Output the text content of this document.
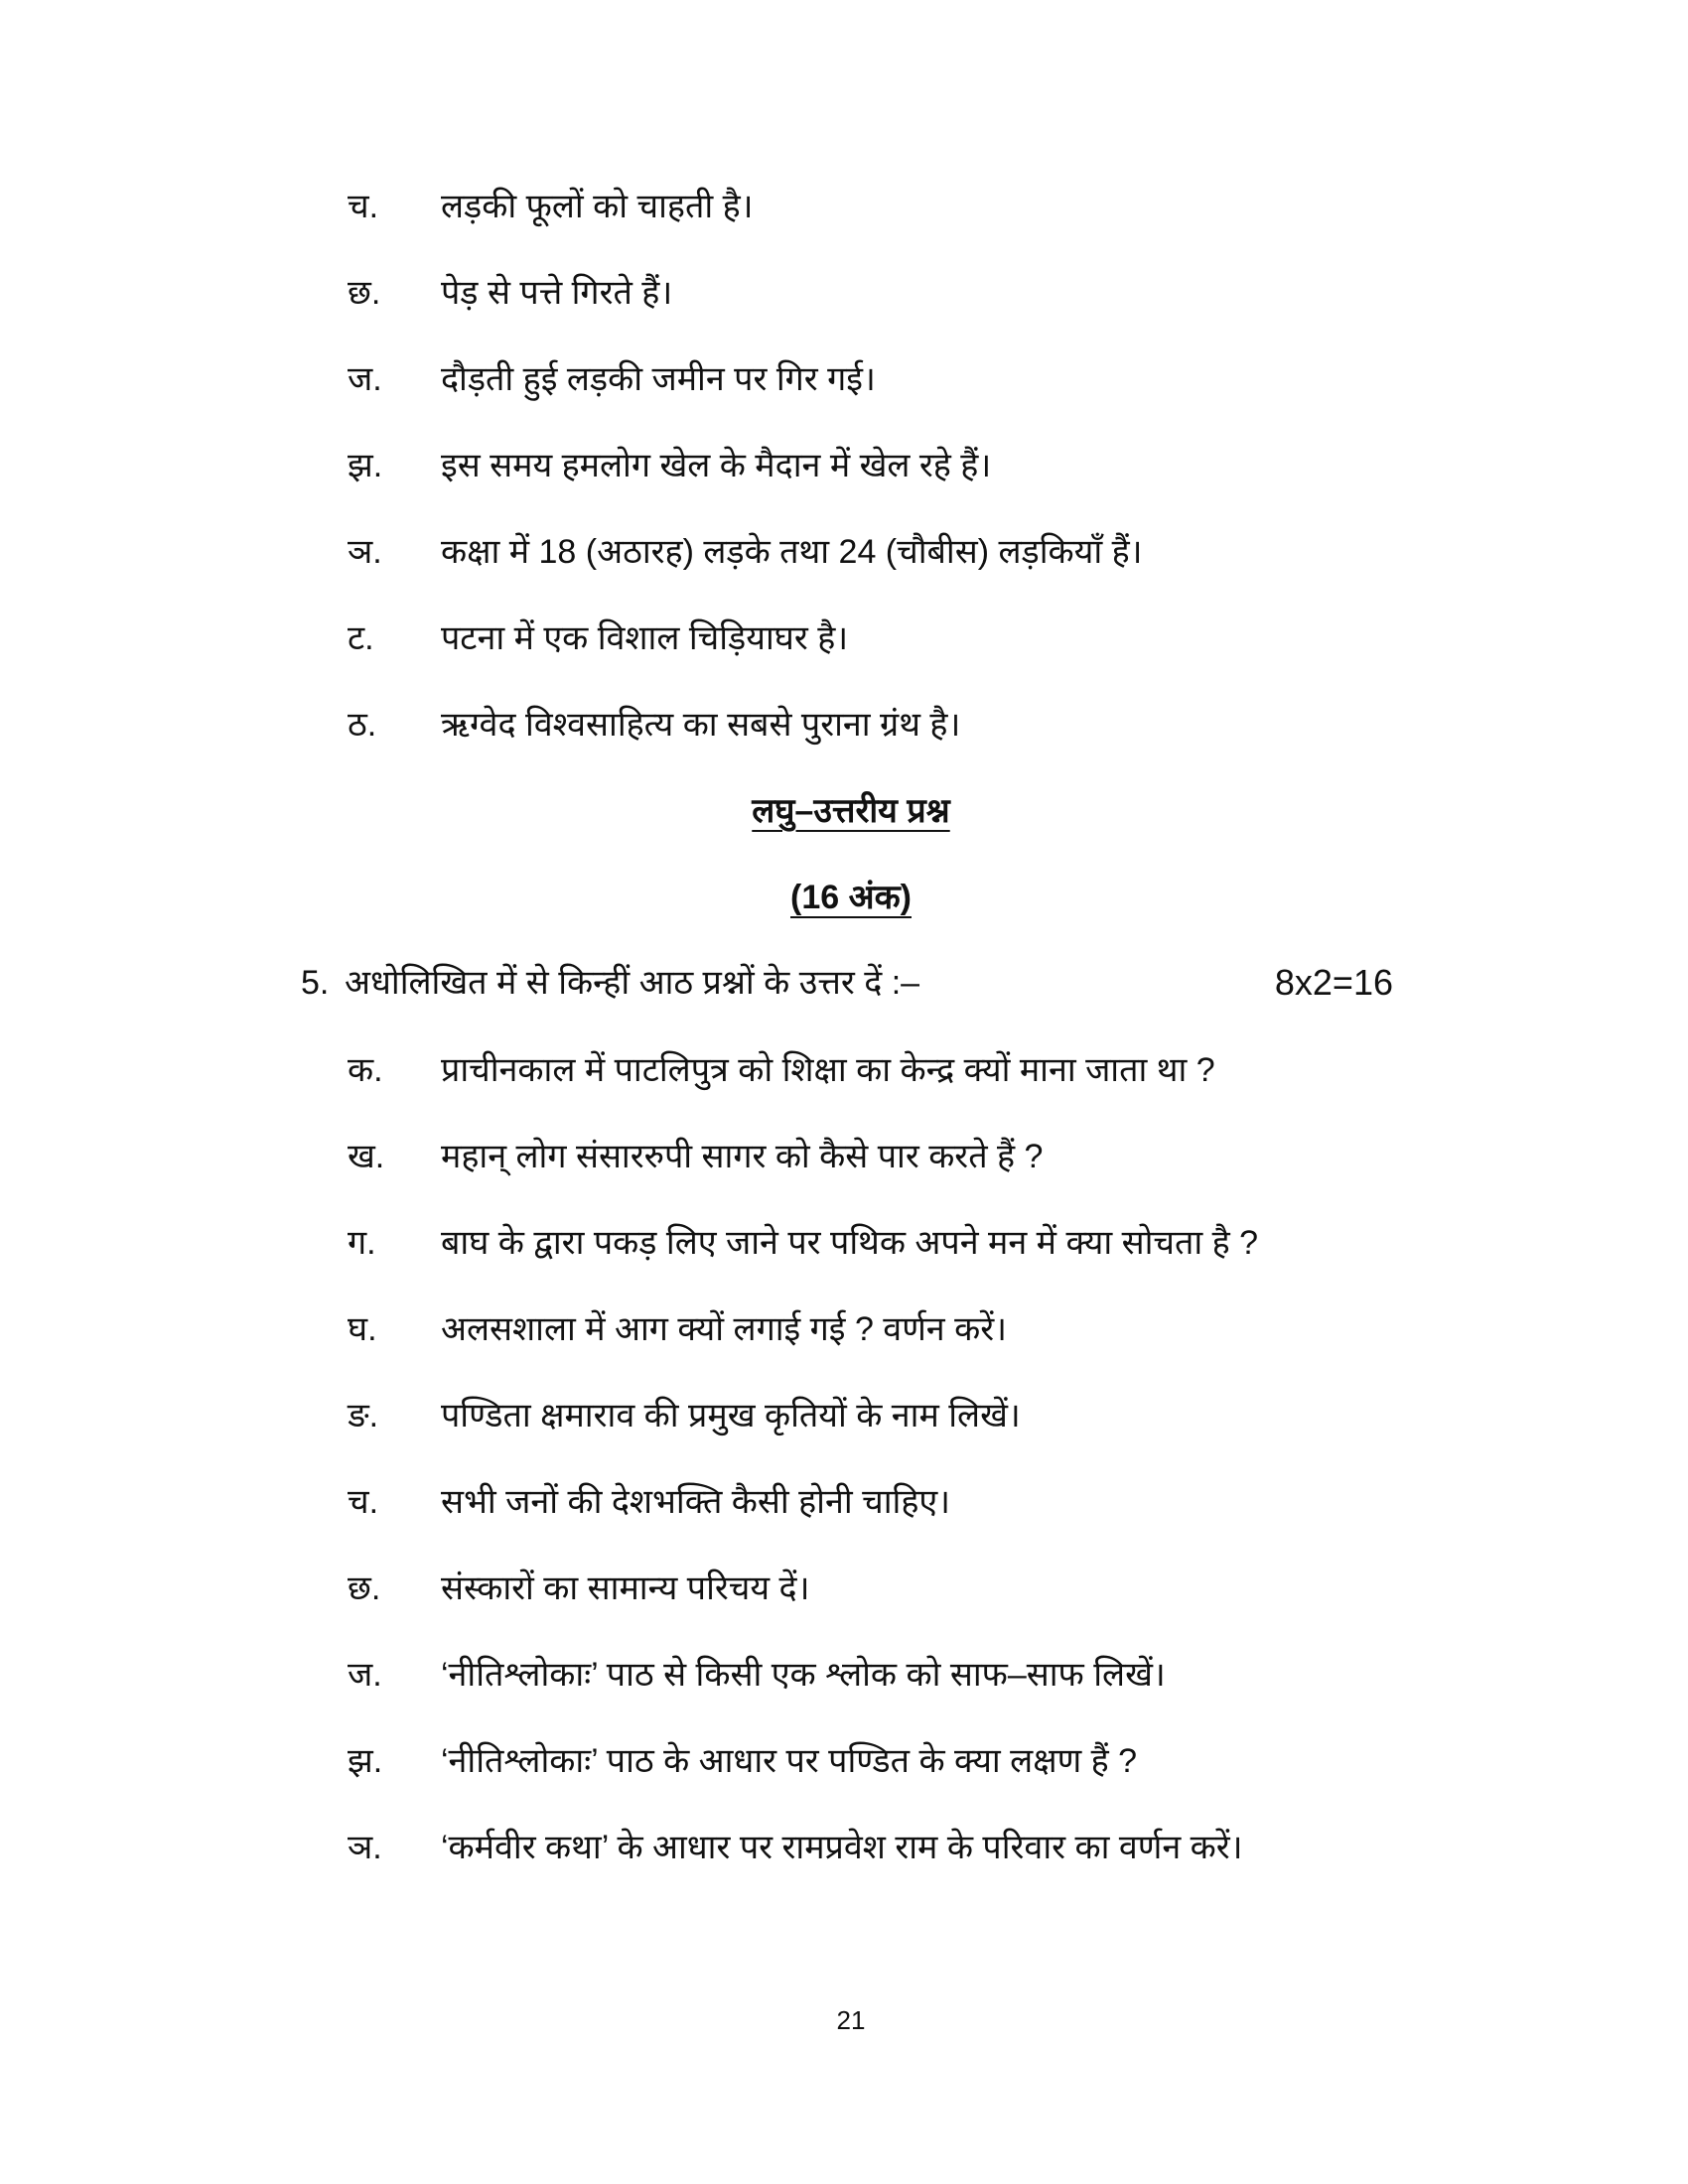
च. लड़की फूलों को चाहती है।
छ. पेड़ से पत्ते गिरते हैं।
ज. दौड़ती हुई लड़की जमीन पर गिर गई।
झ. इस समय हमलोग खेल के मैदान में खेल रहे हैं।
ञ. कक्षा में 18 (अठारह) लड़के तथा 24 (चौबीस) लड़कियाँ हैं।
ट. पटना में एक विशाल चिड़ियाघर है।
ठ. ऋग्वेद विश्वसाहित्य का सबसे पुराना ग्रंथ है।
लघु–उत्तरीय प्रश्न
(16 अंक)
5. अधोलिखित में से किन्हीं आठ प्रश्नों के उत्तर दें :–	8x2=16
क. प्राचीनकाल में पाटलिपुत्र को शिक्षा का केन्द्र क्यों माना जाता था ?
ख. महान् लोग संसाररुपी सागर को कैसे पार करते हैं ?
ग. बाघ के द्वारा पकड़ लिए जाने पर पथिक अपने मन में क्या सोचता है ?
घ. अलसशाला में आग क्यों लगाई गई ? वर्णन करें।
ङ. पण्डिता क्षमाराव की प्रमुख कृतियों के नाम लिखें।
च. सभी जनों की देशभक्ति कैसी होनी चाहिए।
छ. संस्कारों का सामान्य परिचय दें।
ज. ‘नीतिश्लोकाः’ पाठ से किसी एक श्लोक को साफ–साफ लिखें।
झ. ‘नीतिश्लोकाः’ पाठ के आधार पर पण्डित के क्या लक्षण हैं ?
ञ. ‘कर्मवीर कथा’ के आधार पर रामप्रवेश राम के परिवार का वर्णन करें।
21
